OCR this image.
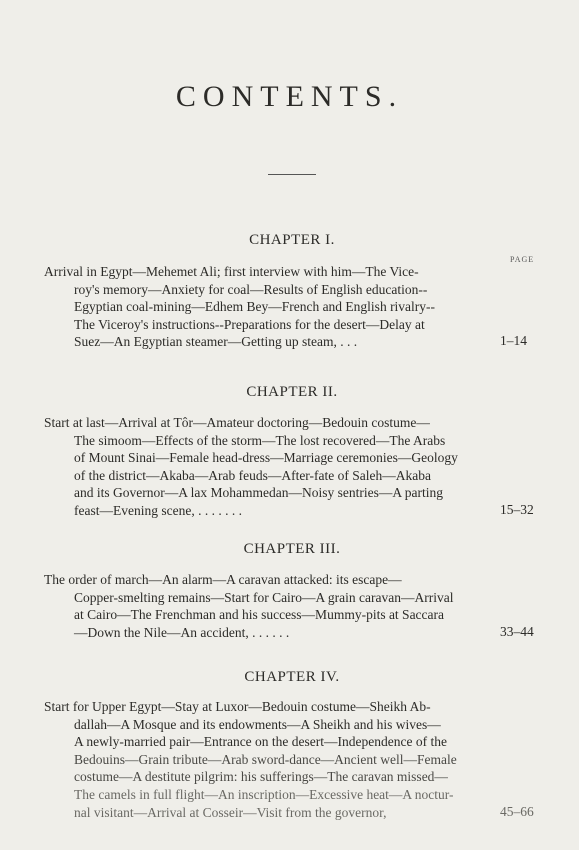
CONTENTS.
CHAPTER I.
PAGE
Arrival in Egypt—Mehemet Ali; first interview with him—The Vice-
roy's memory—Anxiety for coal—Results of English education--
Egyptian coal-mining—Edhem Bey—French and English rivalry--
The Viceroy's instructions--Preparations for the desert—Delay at
Suez—An Egyptian steamer—Getting up steam, . . .	1–14
CHAPTER II.
Start at last—Arrival at Tôr—Amateur doctoring—Bedouin costume—
The simoom—Effects of the storm—The lost recovered—The Arabs
of Mount Sinai—Female head-dress—Marriage ceremonies—Geology
of the district—Akaba—Arab feuds—After-fate of Saleh—Akaba
and its Governor—A lax Mohammedan—Noisy sentries—A parting
feast—Evening scene, . . . . . . .	15–32
CHAPTER III.
The order of march—An alarm—A caravan attacked: its escape—
Copper-smelting remains—Start for Cairo—A grain caravan—Arrival
at Cairo—The Frenchman and his success—Mummy-pits at Saccara
—Down the Nile—An accident, . . . . . .	33–44
CHAPTER IV.
Start for Upper Egypt—Stay at Luxor—Bedouin costume—Sheikh Ab-
dallah—A Mosque and its endowments—A Sheikh and his wives—
A newly-married pair—Entrance on the desert—Independence of the
Bedouins—Grain tribute—Arab sword-dance—Ancient well—Female
costume—A destitute pilgrim: his sufferings—The caravan missed—
The camels in full flight—An inscription—Excessive heat—A noctur-
nal visitant—Arrival at Cosseir—Visit from the governor,	45–66
